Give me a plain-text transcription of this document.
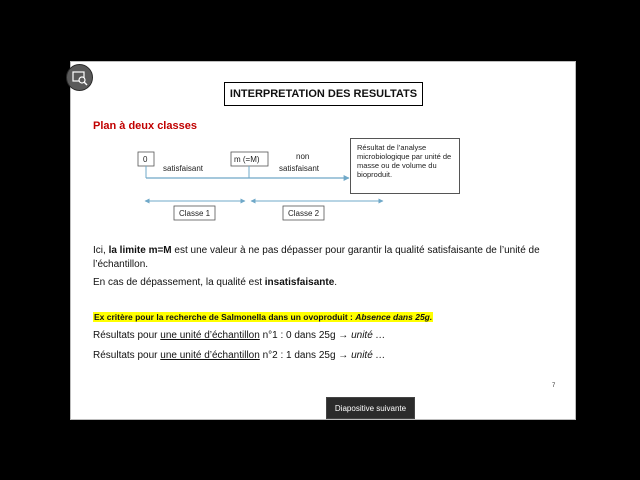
INTERPRETATION DES RESULTATS
Plan à deux classes
0	m (=M)
satisfaisant
non
satisfaisant
Résultat de l’analyse microbiologique par unité de masse ou de volume du bioproduit.
Classe 1	Classe 2
Ici, la limite m=M est une valeur à ne pas dépasser pour garantir la qualité satisfaisante de l’unité de l’échantillon.
En cas de dépassement, la qualité est insatisfaisante.
Ex critère pour la recherche de Salmonella dans un ovoproduit : Absence dans 25g.
Résultats pour une unité d’échantillon n°1 : 0 dans 25g → unité …
Résultats pour une unité d’échantillon n°2 : 1 dans 25g → unité …
7
Diapositive suivante
